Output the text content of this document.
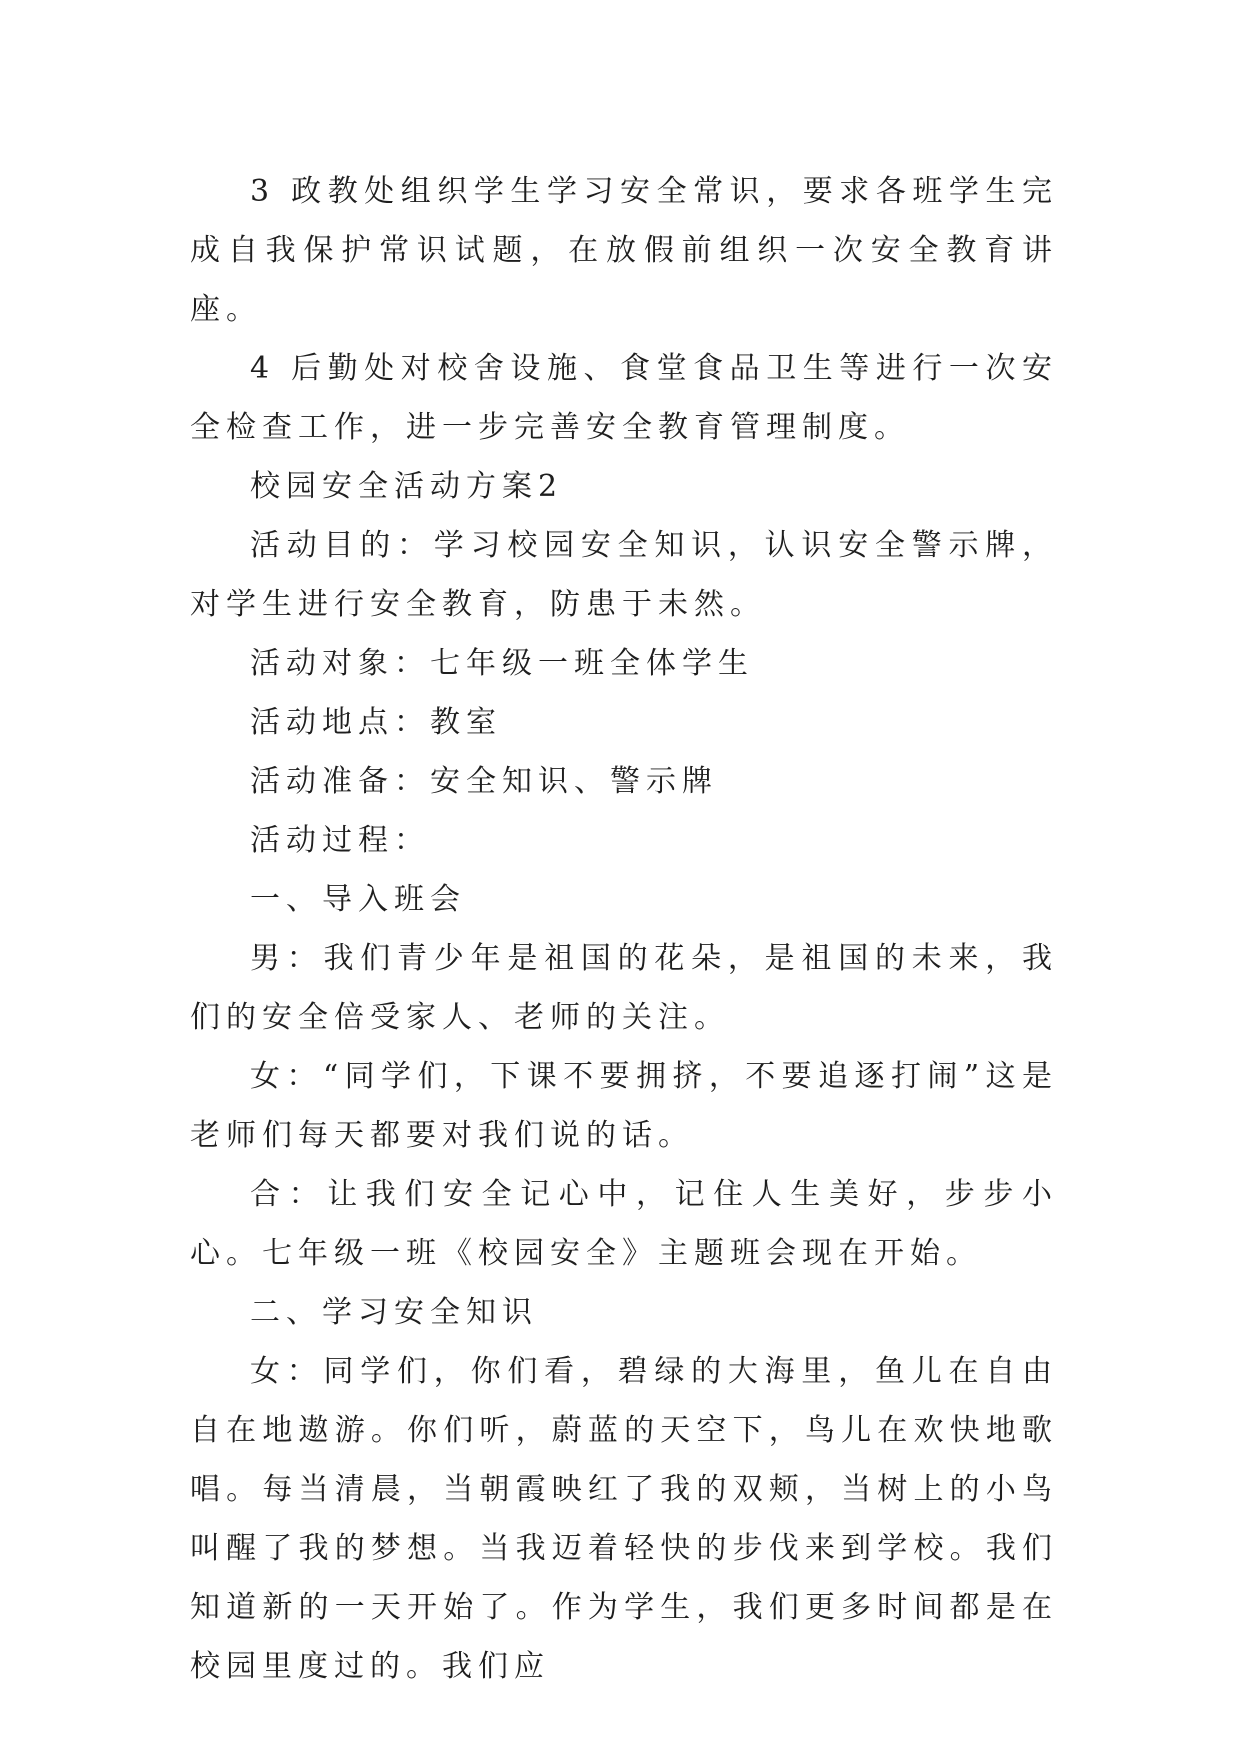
3 政教处组织学生学习安全常识，要求各班学生完成自我保护常识试题，在放假前组织一次安全教育讲座。

4 后勤处对校舍设施、食堂食品卫生等进行一次安全检查工作，进一步完善安全教育管理制度。

校园安全活动方案2

活动目的：学习校园安全知识，认识安全警示牌，对学生进行安全教育，防患于未然。

活动对象：七年级一班全体学生

活动地点：教室

活动准备：安全知识、警示牌

活动过程：

一、导入班会

男：我们青少年是祖国的花朵，是祖国的未来，我们的安全倍受家人、老师的关注。

女：“同学们，下课不要拥挤，不要追逐打闹”这是老师们每天都要对我们说的话。

合：让我们安全记心中，记住人生美好，步步小心。七年级一班《校园安全》主题班会现在开始。

二、学习安全知识

女：同学们，你们看，碧绿的大海里，鱼儿在自由自在地遨游。你们听，蔚蓝的天空下，鸟儿在欢快地歌唱。每当清晨，当朝霞映红了我的双颊，当树上的小鸟叫醒了我的梦想。当我迈着轻快的步伐来到学校。我们知道新的一天开始了。作为学生，我们更多时间都是在校园里度过的。我们应
